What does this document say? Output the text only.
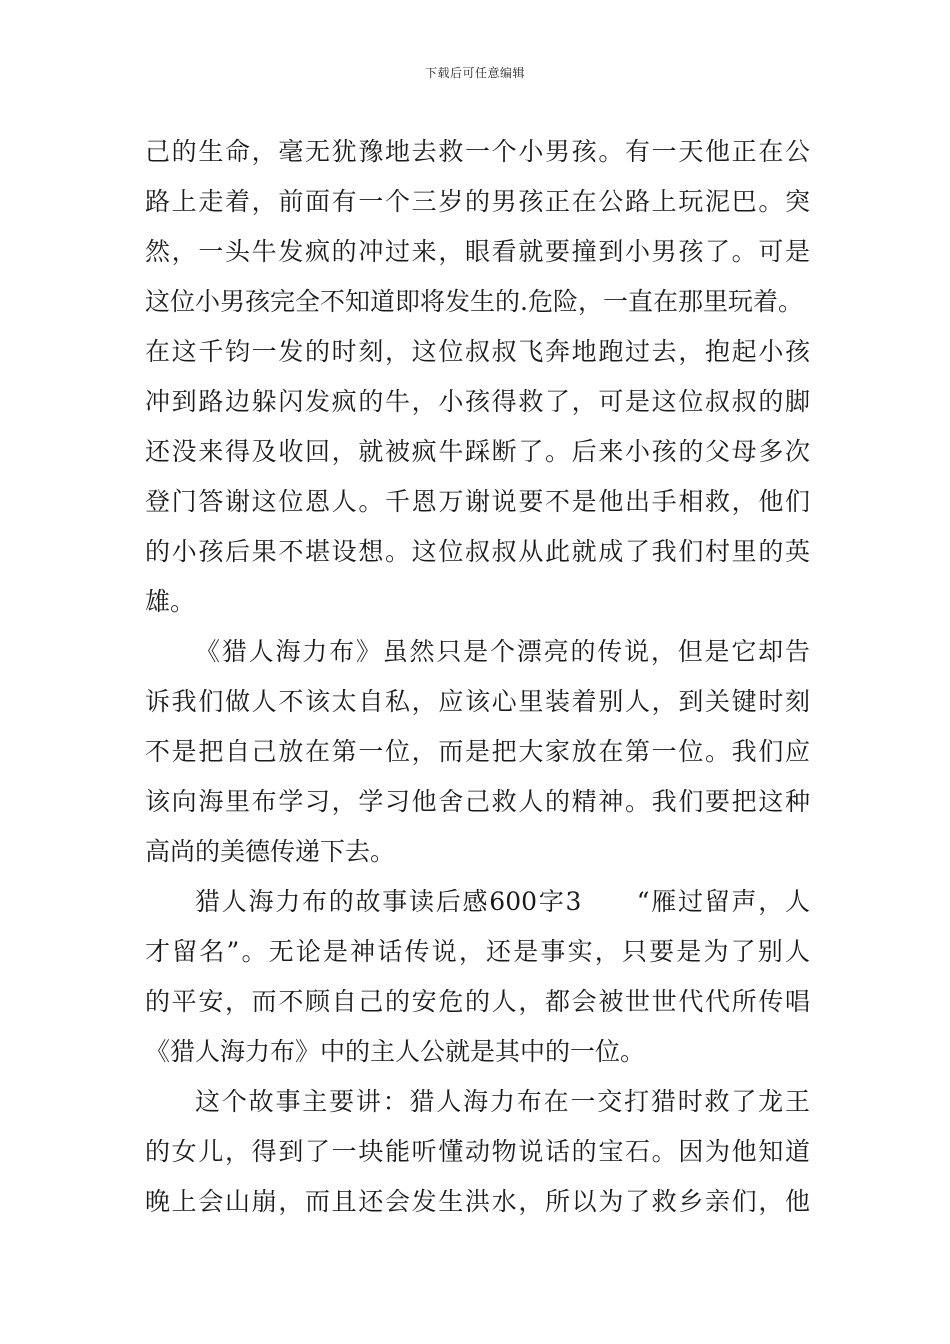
下载后可任意编辑
己的生命，毫无犹豫地去救一个小男孩。有一天他正在公
路上走着，前面有一个三岁的男孩正在公路上玩泥巴。突
然，一头牛发疯的冲过来，眼看就要撞到小男孩了。可是
这位小男孩完全不知道即将发生的.危险，一直在那里玩着。
在这千钧一发的时刻，这位叔叔飞奔地跑过去，抱起小孩
冲到路边躲闪发疯的牛，小孩得救了，可是这位叔叔的脚
还没来得及收回，就被疯牛踩断了。后来小孩的父母多次
登门答谢这位恩人。千恩万谢说要不是他出手相救，他们
的小孩后果不堪设想。这位叔叔从此就成了我们村里的英
雄。
《猎人海力布》虽然只是个漂亮的传说，但是它却告
诉我们做人不该太自私，应该心里装着别人，到关键时刻
不是把自己放在第一位，而是把大家放在第一位。我们应
该向海里布学习，学习他舍己救人的精神。我们要把这种
高尚的美德传递下去。
猎人海力布的故事读后感600字3　　“雁过留声，人
才留名”。无论是神话传说，还是事实，只要是为了别人
的平安，而不顾自己的安危的人，都会被世世代代所传唱
《猎人海力布》中的主人公就是其中的一位。
这个故事主要讲：猎人海力布在一交打猎时救了龙王
的女儿，得到了一块能听懂动物说话的宝石。因为他知道
晚上会山崩，而且还会发生洪水，所以为了救乡亲们，他
